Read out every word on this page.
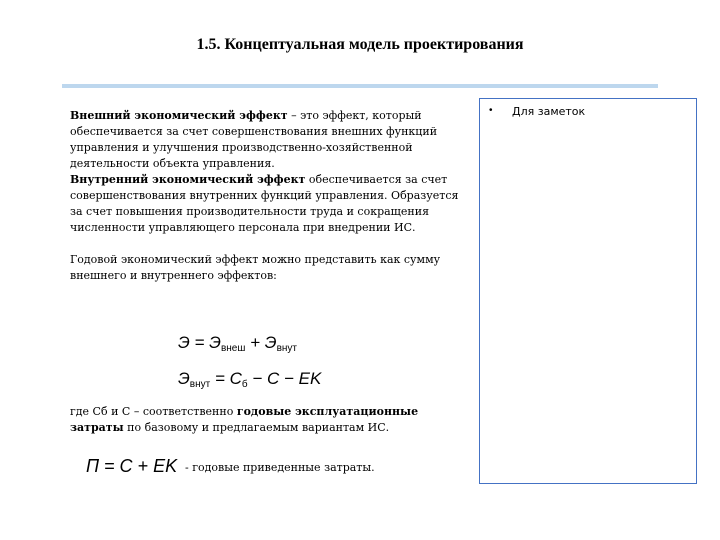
1.5. Концептуальная модель проектирования

Внешний экономический эффект – это эффект, который обеспечивается за счет совершенствования внешних функций управления и улучшения производственно-хозяйственной деятельности объекта управления.

Внутренний экономический эффект обеспечивается за счет совершенствования внутренних функций управления. Образуется за счет повышения производительности труда и сокращения численности управляющего персонала при внедрении ИС.

Годовой экономический эффект можно представить как сумму внешнего и внутреннего эффектов:

$Э = Э_{внеш} + Э_{внут}$
$Э_{внут} = С_б - C$ − EK
где Сб и С – соответственно годовые эксплуатационные затраты по базовому и предлагаемым вариантам ИС.
П = C + EK - годовые приведенные затраты.
• Для заметок
